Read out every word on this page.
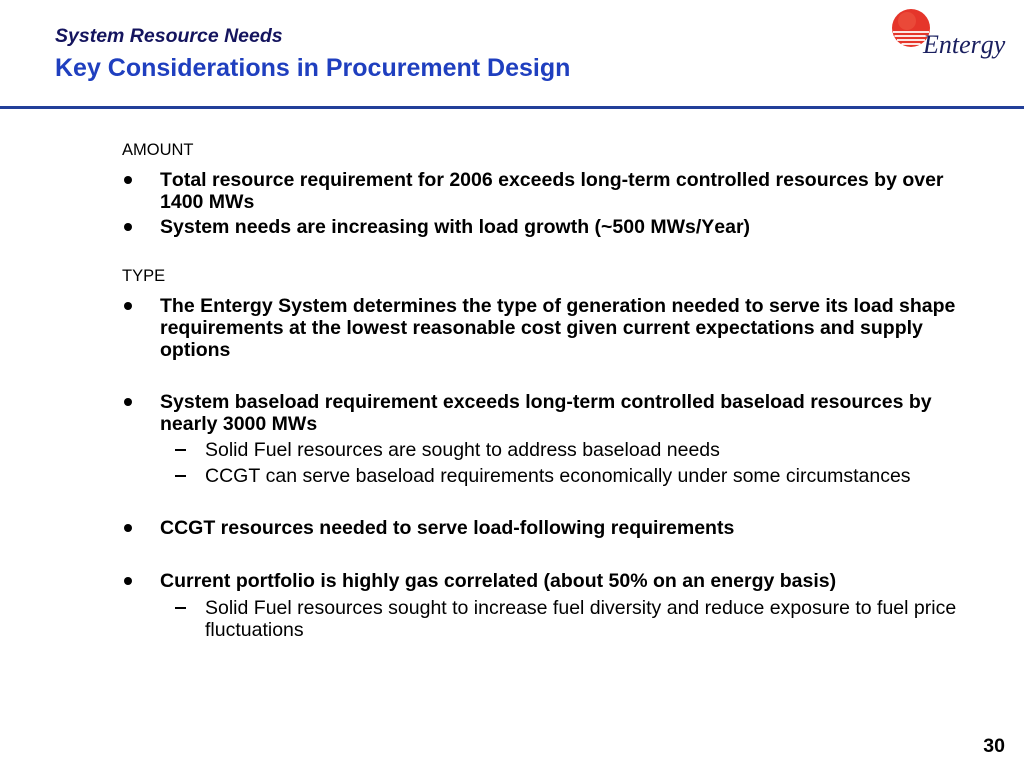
System Resource Needs
Key Considerations in Procurement Design
Entergy
AMOUNT
Total resource requirement for 2006 exceeds long-term controlled resources by over 1400 MWs
System needs are increasing with load growth (~500 MWs/Year)
TYPE
The Entergy System determines the type of generation needed to serve its load shape requirements at the lowest reasonable cost given current expectations and supply options
System baseload requirement exceeds long-term controlled baseload resources by nearly 3000 MWs
Solid Fuel resources are sought to address baseload needs
CCGT can serve baseload requirements economically under some circumstances
CCGT resources needed to serve load-following requirements
Current portfolio is highly gas correlated (about 50% on an energy basis)
Solid Fuel resources sought to increase fuel diversity and reduce exposure to fuel price fluctuations
30
